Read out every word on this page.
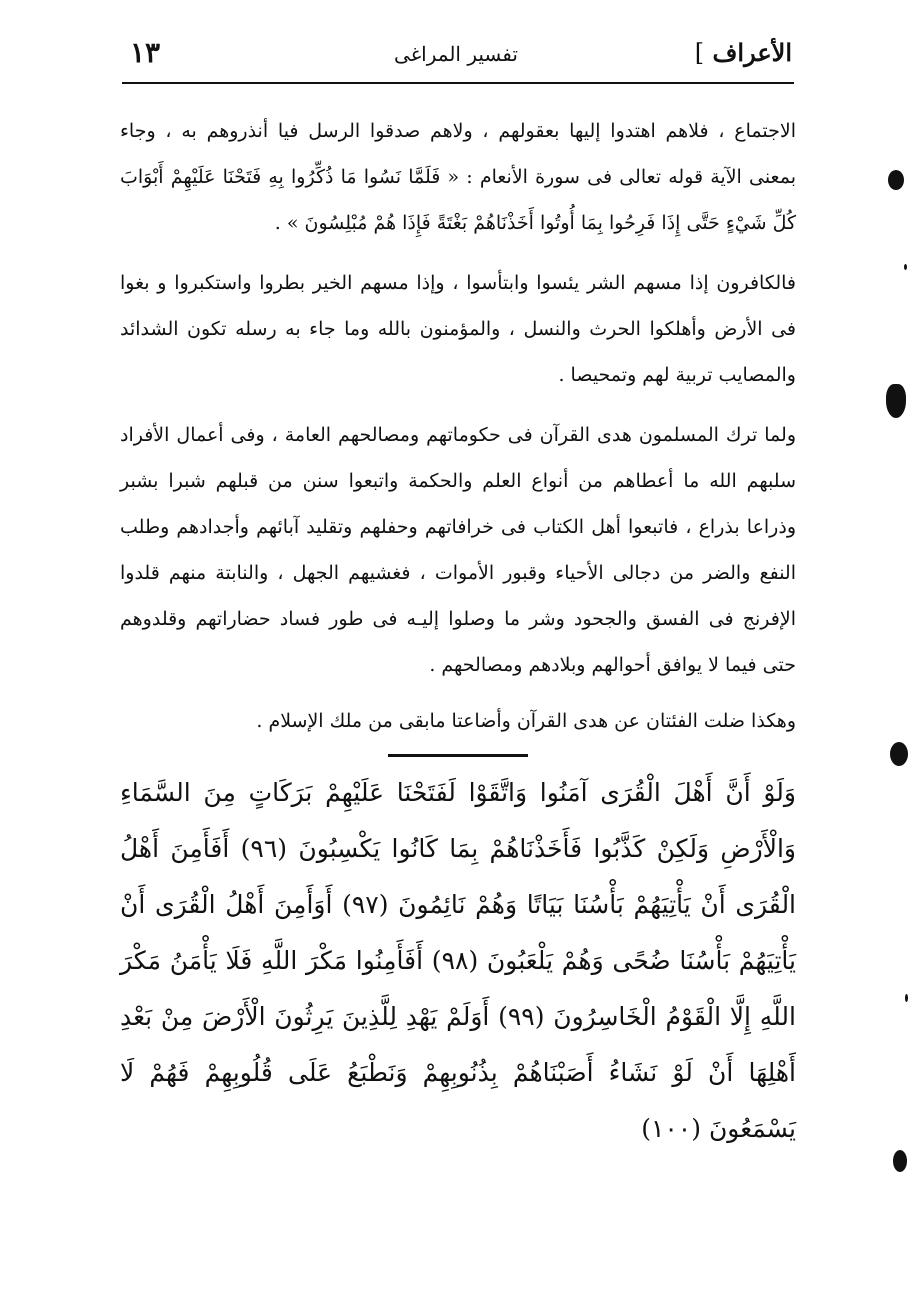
الأعراف ]
تفسير المراغى
١٣

الاجتماع ، فلاهم اهتدوا إليها بعقولهم ، ولاهم صدقوا الرسل فيا أنذروهم به ، وجاء بمعنى الآية قوله تعالى فى سورة الأنعام : « فَلَمَّا نَسُوا مَا ذُكِّرُوا بِهِ فَتَحْنَا عَلَيْهِمْ أَبْوَابَ كُلِّ شَيْءٍ حَتَّى إِذَا فَرِحُوا بِمَا أُوتُوا أَخَذْنَاهُمْ بَغْتَةً فَإِذَا هُمْ مُبْلِسُونَ » .

فالكافرون إذا مسهم الشر يئسوا وابتأسوا ، وإذا مسهم الخير بطروا واستكبروا و بغوا فى الأرض وأهلكوا الحرث والنسل ، والمؤمنون بالله وما جاء به رسله تكون الشدائد والمصايب تربية لهم وتمحيصا .

ولما ترك المسلمون هدى القرآن فى حكوماتهم ومصالحهم العامة ، وفى أعمال الأفراد سلبهم الله ما أعطاهم من أنواع العلم والحكمة واتبعوا سنن من قبلهم شبرا بشبر وذراعا بذراع ، فاتبعوا أهل الكتاب فى خرافاتهم وحفلهم وتقليد آبائهم وأجدادهم وطلب النفع والضر من دجالى الأحياء وقبور الأموات ، فغشيهم الجهل ، والنابتة منهم قلدوا الإفرنج فى الفسق والجحود وشر ما وصلوا إليـه فى طور فساد حضاراتهم وقلدوهم حتى فيما لا يوافق أحوالهم وبلادهم ومصالحهم .

وهكذا ضلت الفئتان عن هدى القرآن وأضاعتا مابقى من ملك الإسلام .

وَلَوْ أَنَّ أَهْلَ الْقُرَى آمَنُوا وَاتَّقَوْا لَفَتَحْنَا عَلَيْهِمْ بَرَكَاتٍ مِنَ السَّمَاءِ وَالْأَرْضِ وَلَكِنْ كَذَّبُوا فَأَخَذْنَاهُمْ بِمَا كَانُوا يَكْسِبُونَ (٩٦) أَفَأَمِنَ أَهْلُ الْقُرَى أَنْ يَأْتِيَهُمْ بَأْسُنَا بَيَاتًا وَهُمْ نَائِمُونَ (٩٧) أَوَأَمِنَ أَهْلُ الْقُرَى أَنْ يَأْتِيَهُمْ بَأْسُنَا ضُحًى وَهُمْ يَلْعَبُونَ (٩٨) أَفَأَمِنُوا مَكْرَ اللَّهِ فَلَا يَأْمَنُ مَكْرَ اللَّهِ إِلَّا الْقَوْمُ الْخَاسِرُونَ (٩٩) أَوَلَمْ يَهْدِ لِلَّذِينَ يَرِثُونَ الْأَرْضَ مِنْ بَعْدِ أَهْلِهَا أَنْ لَوْ نَشَاءُ أَصَبْنَاهُمْ بِذُنُوبِهِمْ وَنَطْبَعُ عَلَى قُلُوبِهِمْ فَهُمْ لَا يَسْمَعُونَ (١٠٠)
